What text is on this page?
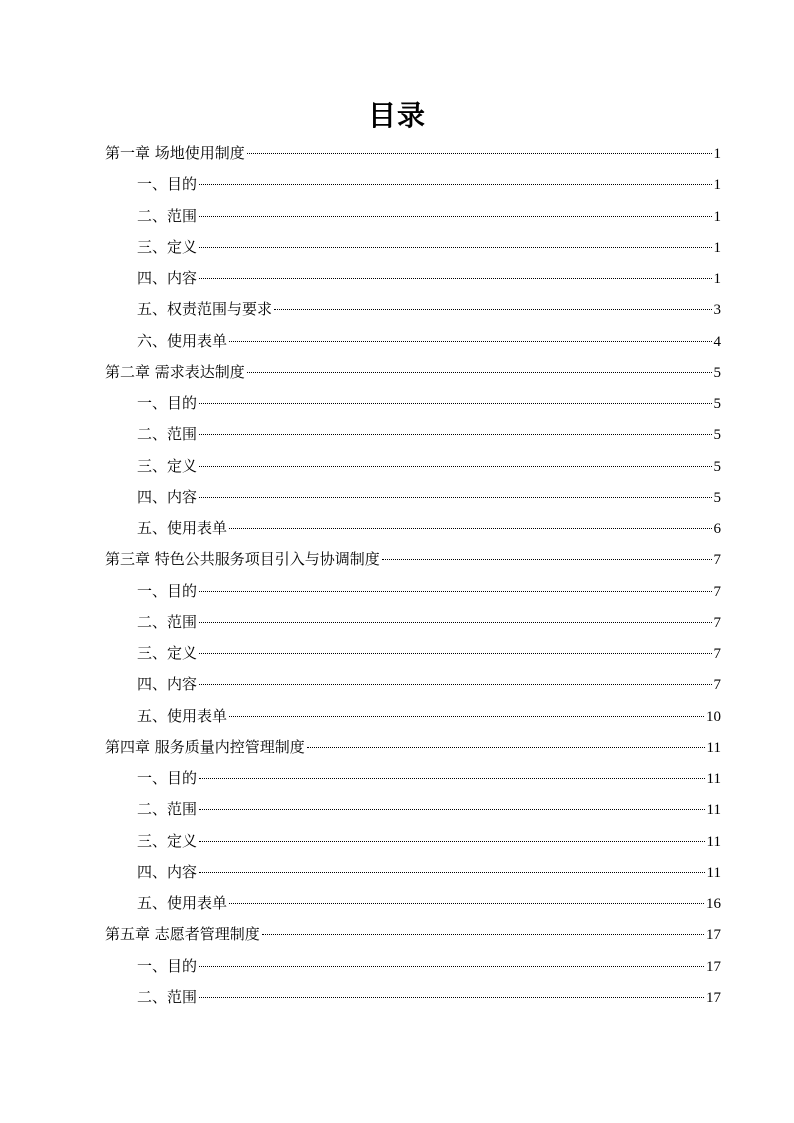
目录
第一章 场地使用制度	1
一、目的	1
二、范围	1
三、定义	1
四、内容	1
五、权责范围与要求	3
六、使用表单	4
第二章 需求表达制度	5
一、目的	5
二、范围	5
三、定义	5
四、内容	5
五、使用表单	6
第三章 特色公共服务项目引入与协调制度	7
一、目的	7
二、范围	7
三、定义	7
四、内容	7
五、使用表单	10
第四章 服务质量内控管理制度	11
一、目的	11
二、范围	11
三、定义	11
四、内容	11
五、使用表单	16
第五章 志愿者管理制度	17
一、目的	17
二、范围	17
